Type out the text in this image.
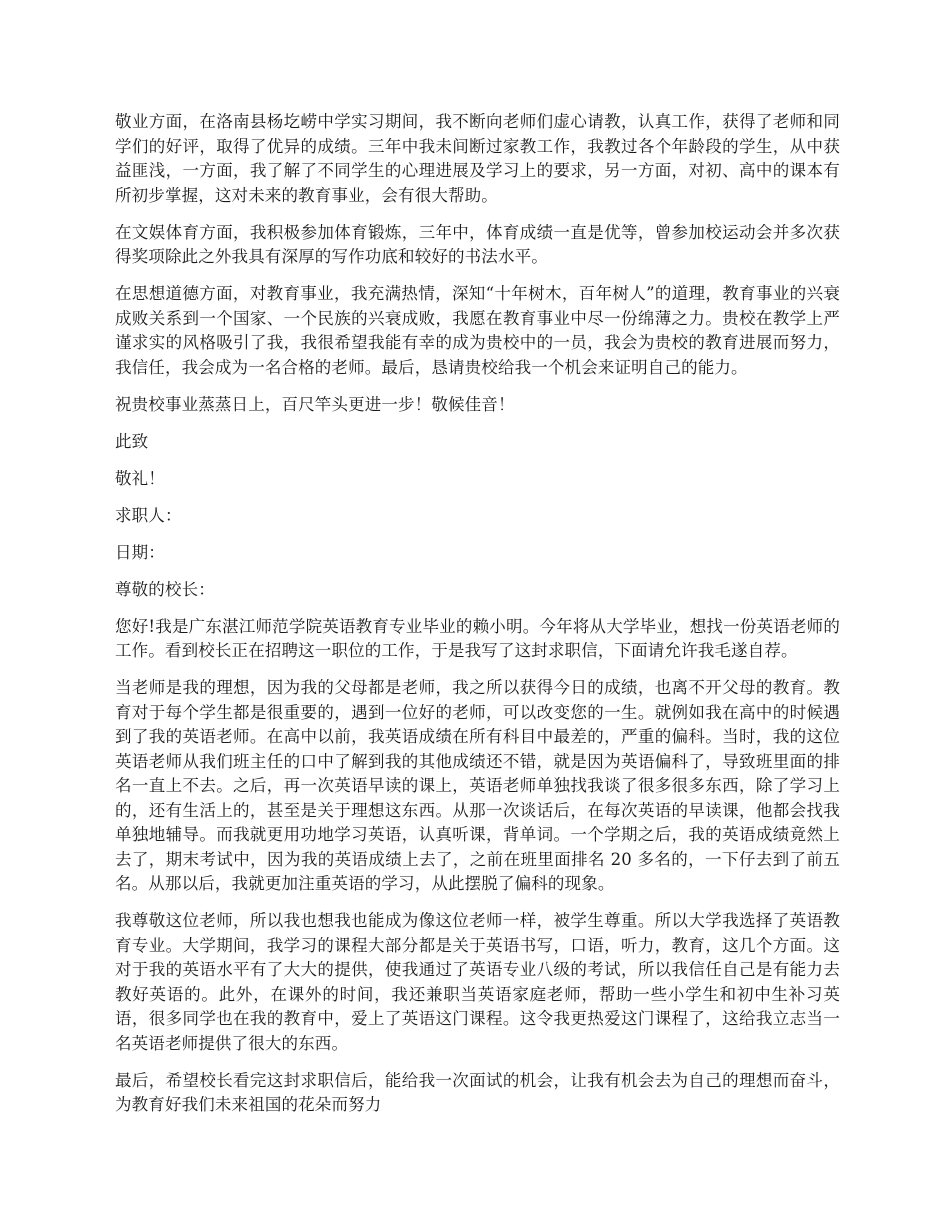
敬业方面，在洛南县杨圪崂中学实习期间，我不断向老师们虚心请教，认真工作，获得了老师和同学们的好评，取得了优异的成绩。三年中我未间断过家教工作，我教过各个年龄段的学生，从中获益匪浅，一方面，我了解了不同学生的心理进展及学习上的要求，另一方面，对初、高中的课本有所初步掌握，这对未来的教育事业，会有很大帮助。

在文娱体育方面，我积极参加体育锻炼，三年中，体育成绩一直是优等，曾参加校运动会并多次获得奖项除此之外我具有深厚的写作功底和较好的书法水平。

在思想道德方面，对教育事业，我充满热情，深知“十年树木，百年树人”的道理，教育事业的兴衰成败关系到一个国家、一个民族的兴衰成败，我愿在教育事业中尽一份绵薄之力。贵校在教学上严谨求实的风格吸引了我，我很希望我能有幸的成为贵校中的一员，我会为贵校的教育进展而努力，我信任，我会成为一名合格的老师。最后，恳请贵校给我一个机会来证明自己的能力。

祝贵校事业蒸蒸日上，百尺竿头更进一步！敬候佳音！

此致

敬礼！

求职人：

日期：

尊敬的校长：

您好!我是广东湛江师范学院英语教育专业毕业的赖小明。今年将从大学毕业，想找一份英语老师的工作。看到校长正在招聘这一职位的工作，于是我写了这封求职信，下面请允许我毛遂自荐。

当老师是我的理想，因为我的父母都是老师，我之所以获得今日的成绩，也离不开父母的教育。教育对于每个学生都是很重要的，遇到一位好的老师，可以改变您的一生。就例如我在高中的时候遇到了我的英语老师。在高中以前，我英语成绩在所有科目中最差的，严重的偏科。当时，我的这位英语老师从我们班主任的口中了解到我的其他成绩还不错，就是因为英语偏科了，导致班里面的排名一直上不去。之后，再一次英语早读的课上，英语老师单独找我谈了很多很多东西，除了学习上的，还有生活上的，甚至是关于理想这东西。从那一次谈话后，在每次英语的早读课，他都会找我单独地辅导。而我就更用功地学习英语，认真听课，背单词。一个学期之后，我的英语成绩竟然上去了，期末考试中，因为我的英语成绩上去了，之前在班里面排名 20 多名的，一下仔去到了前五名。从那以后，我就更加注重英语的学习，从此摆脱了偏科的现象。

我尊敬这位老师，所以我也想我也能成为像这位老师一样，被学生尊重。所以大学我选择了英语教育专业。大学期间，我学习的课程大部分都是关于英语书写，口语，听力，教育，这几个方面。这对于我的英语水平有了大大的提供，使我通过了英语专业八级的考试，所以我信任自己是有能力去教好英语的。此外，在课外的时间，我还兼职当英语家庭老师，帮助一些小学生和初中生补习英语，很多同学也在我的教育中，爱上了英语这门课程。这令我更热爱这门课程了，这给我立志当一名英语老师提供了很大的东西。

最后，希望校长看完这封求职信后，能给我一次面试的机会，让我有机会去为自己的理想而奋斗，为教育好我们未来祖国的花朵而努力
